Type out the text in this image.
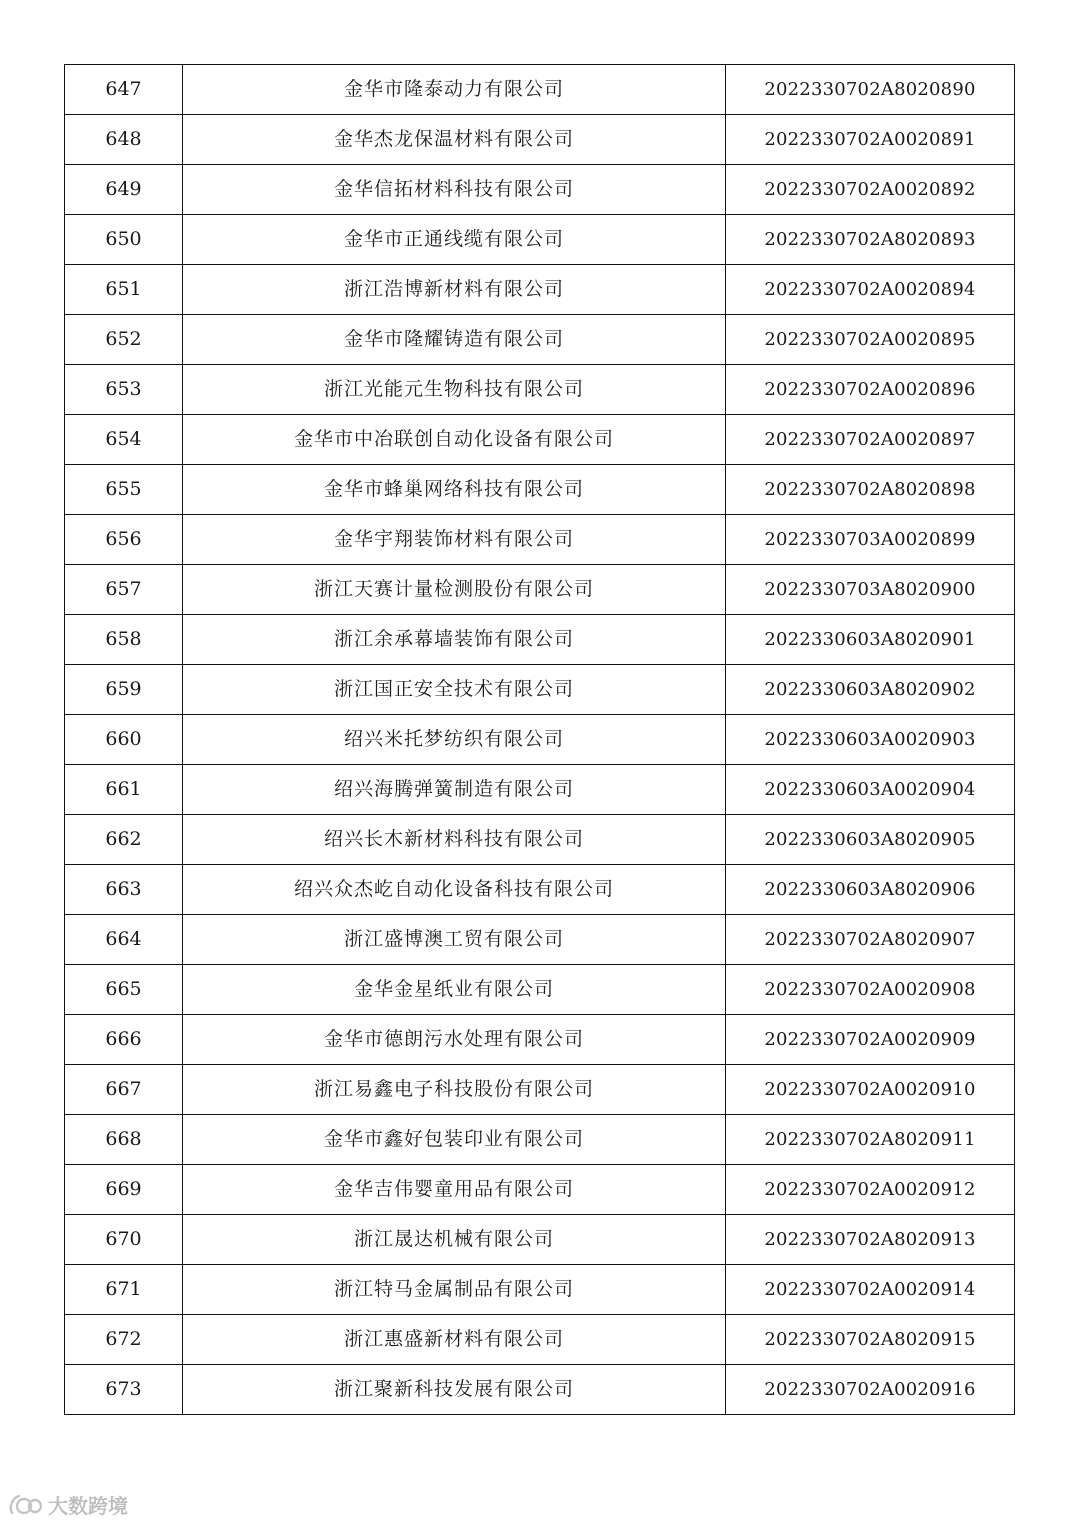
647	金华市隆泰动力有限公司	2022330702A8020890
648	金华杰龙保温材料有限公司	2022330702A0020891
649	金华信拓材料科技有限公司	2022330702A0020892
650	金华市正通线缆有限公司	2022330702A8020893
651	浙江浩博新材料有限公司	2022330702A0020894
652	金华市隆耀铸造有限公司	2022330702A0020895
653	浙江光能元生物科技有限公司	2022330702A0020896
654	金华市中冶联创自动化设备有限公司	2022330702A0020897
655	金华市蜂巢网络科技有限公司	2022330702A8020898
656	金华宇翔装饰材料有限公司	2022330703A0020899
657	浙江天赛计量检测股份有限公司	2022330703A8020900
658	浙江余承幕墙装饰有限公司	2022330603A8020901
659	浙江国正安全技术有限公司	2022330603A8020902
660	绍兴米托梦纺织有限公司	2022330603A0020903
661	绍兴海腾弹簧制造有限公司	2022330603A0020904
662	绍兴长木新材料科技有限公司	2022330603A8020905
663	绍兴众杰屹自动化设备科技有限公司	2022330603A8020906
664	浙江盛博澳工贸有限公司	2022330702A8020907
665	金华金星纸业有限公司	2022330702A0020908
666	金华市德朗污水处理有限公司	2022330702A0020909
667	浙江易鑫电子科技股份有限公司	2022330702A0020910
668	金华市鑫好包装印业有限公司	2022330702A8020911
669	金华吉伟婴童用品有限公司	2022330702A0020912
670	浙江晟达机械有限公司	2022330702A8020913
671	浙江特马金属制品有限公司	2022330702A0020914
672	浙江惠盛新材料有限公司	2022330702A8020915
673	浙江聚新科技发展有限公司	2022330702A0020916
大数跨境
